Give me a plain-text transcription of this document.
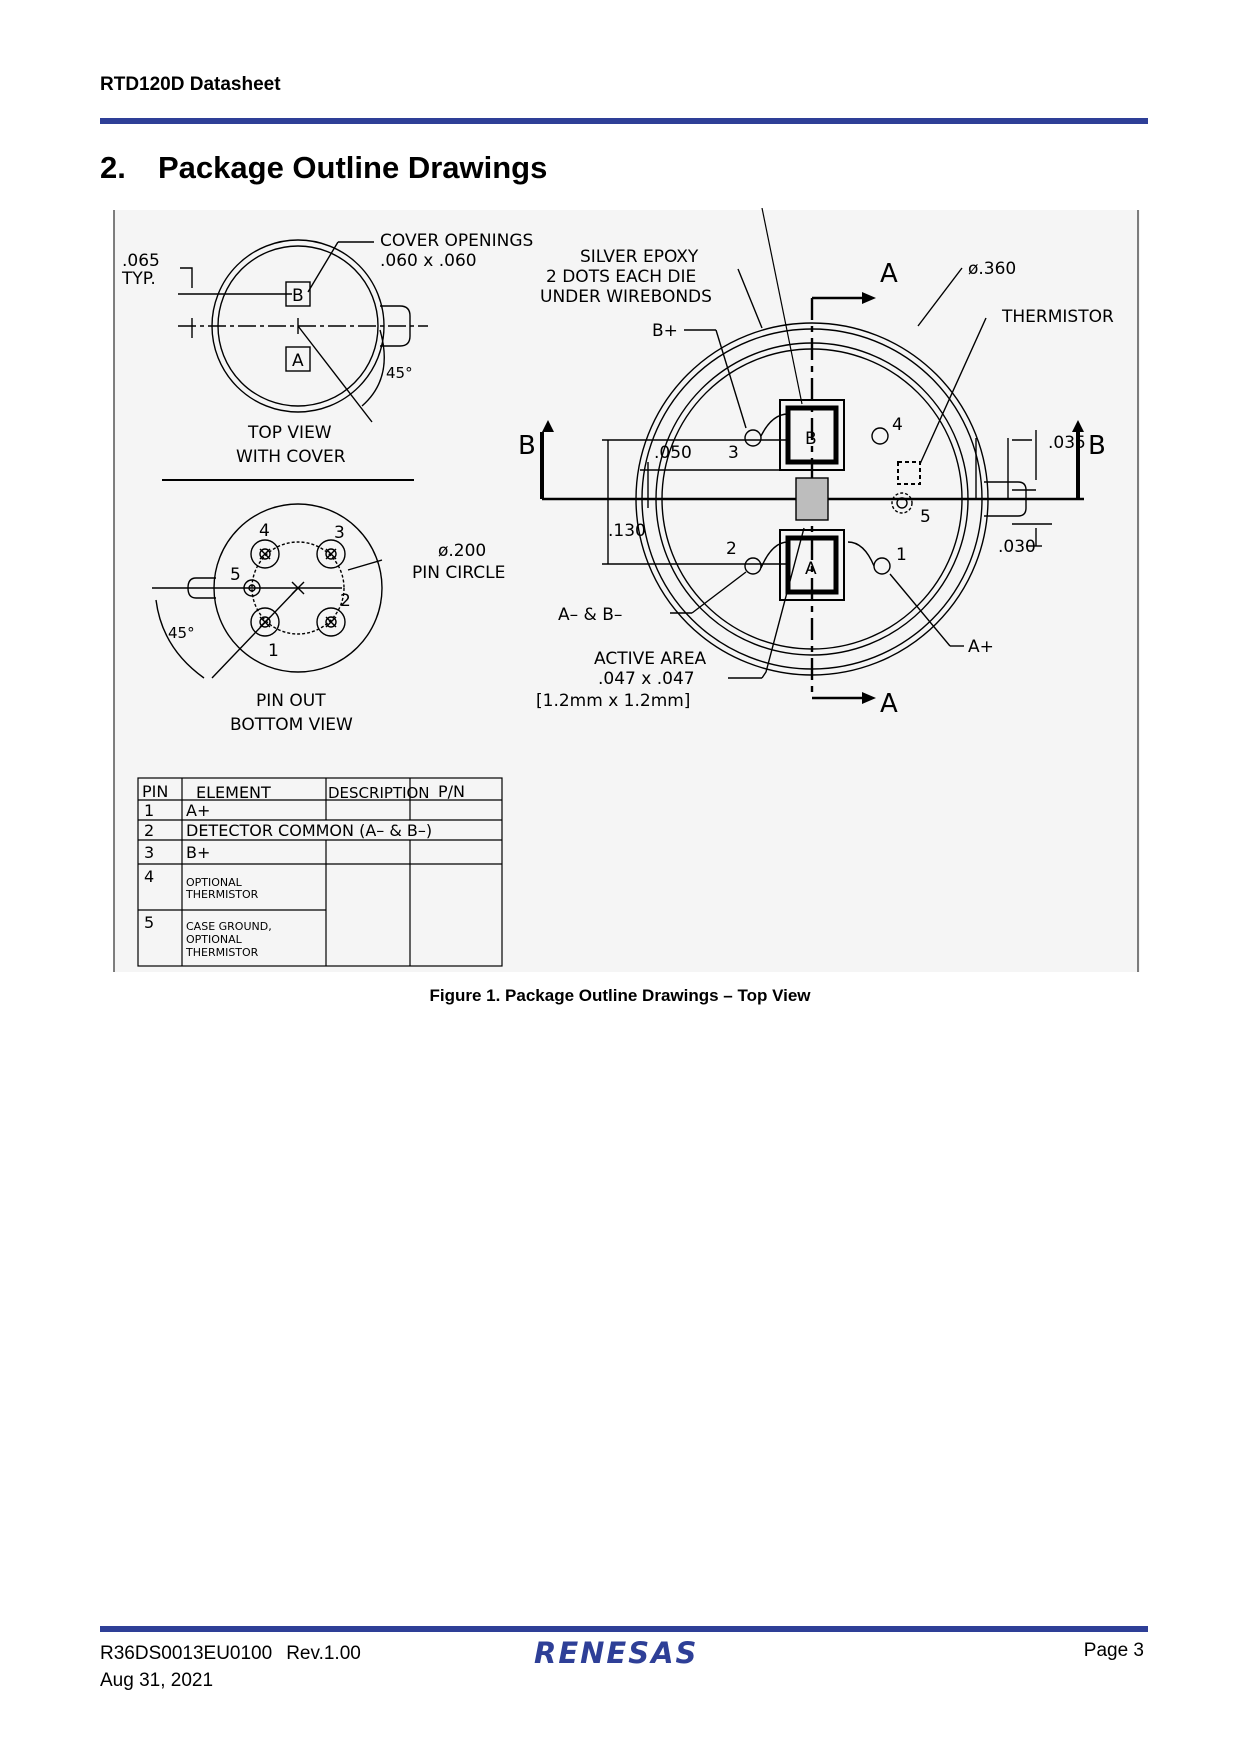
RTD120D Datasheet
2. Package Outline Drawings
.065
TYP.
COVER OPENINGS
.060 x .060
B
A
45°
TOP VIEW
WITH COVER
4	3
5
2
1
45°
ø.200
PIN CIRCLE
PIN OUT
BOTTOM VIEW
SILVER EPOXY
2 DOTS EACH DIE
UNDER WIREBONDS
A
A
B	B
ø.360
THERMISTOR
B+
.050	.035
.130
.030
3
4
5
2	1
B
A
A– & B–
A+
ACTIVE AREA
.047 x .047
[1.2mm x 1.2mm]
PIN ELEMENT	DESCRIPTION P/N
1 A+
2 DETECTOR COMMON (A– & B–)
3 B+
4	OPTIONAL
THERMISTOR
5	CASE GROUND,
OPTIONAL
THERMISTOR
Figure 1. Package Outline Drawings – Top View
R36DS0013EU0100 Rev.1.00
Aug 31, 2021
RENESAS	Page 3
